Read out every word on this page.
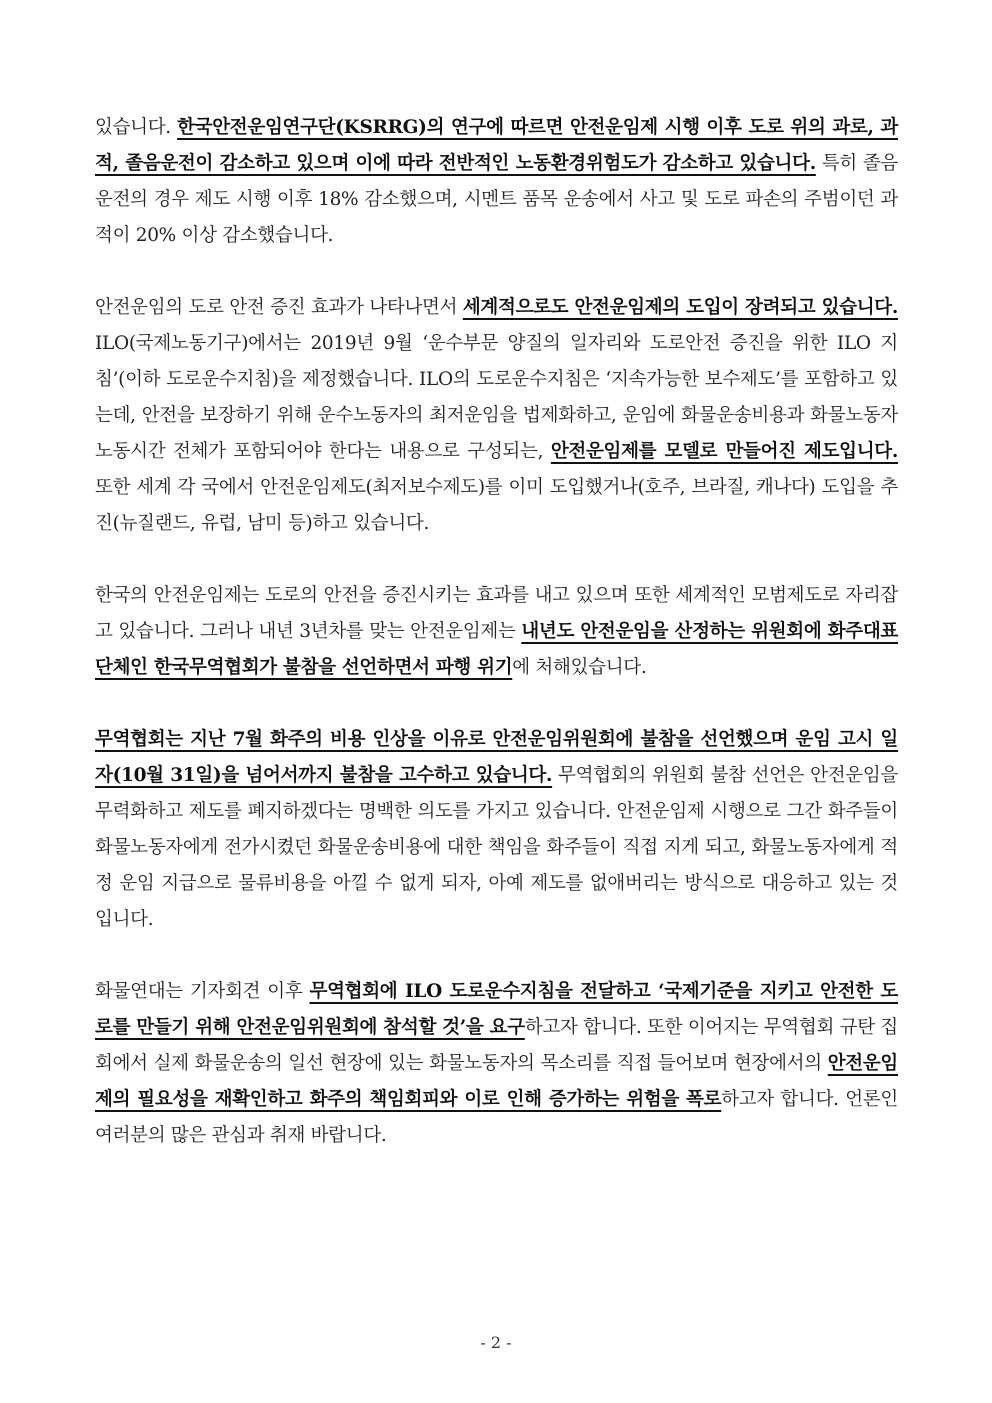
있습니다. 한국안전운임연구단(KSRRG)의 연구에 따르면 안전운임제 시행 이후 도로 위의 과로, 과적, 졸음운전이 감소하고 있으며 이에 따라 전반적인 노동환경위험도가 감소하고 있습니다. 특히 졸음운전의 경우 제도 시행 이후 18% 감소했으며, 시멘트 품목 운송에서 사고 및 도로 파손의 주범이던 과적이 20% 이상 감소했습니다.

안전운임의 도로 안전 증진 효과가 나타나면서 세계적으로도 안전운임제의 도입이 장려되고 있습니다. ILO(국제노동기구)에서는 2019년 9월 ‘운수부문 양질의 일자리와 도로안전 증진을 위한 ILO 지침’(이하 도로운수지침)을 제정했습니다. ILO의 도로운수지침은 ‘지속가능한 보수제도’를 포함하고 있는데, 안전을 보장하기 위해 운수노동자의 최저운임을 법제화하고, 운임에 화물운송비용과 화물노동자 노동시간 전체가 포함되어야 한다는 내용으로 구성되는, 안전운임제를 모델로 만들어진 제도입니다. 또한 세계 각 국에서 안전운임제도(최저보수제도)를 이미 도입했거나(호주, 브라질, 캐나다) 도입을 추진(뉴질랜드, 유럽, 남미 등)하고 있습니다.

한국의 안전운임제는 도로의 안전을 증진시키는 효과를 내고 있으며 또한 세계적인 모범제도로 자리잡고 있습니다. 그러나 내년 3년차를 맞는 안전운임제는 내년도 안전운임을 산정하는 위원회에 화주대표단체인 한국무역협회가 불참을 선언하면서 파행 위기에 처해있습니다.

무역협회는 지난 7월 화주의 비용 인상을 이유로 안전운임위원회에 불참을 선언했으며 운임 고시 일자(10월 31일)을 넘어서까지 불참을 고수하고 있습니다. 무역협회의 위원회 불참 선언은 안전운임을 무력화하고 제도를 폐지하겠다는 명백한 의도를 가지고 있습니다. 안전운임제 시행으로 그간 화주들이 화물노동자에게 전가시켰던 화물운송비용에 대한 책임을 화주들이 직접 지게 되고, 화물노동자에게 적정 운임 지급으로 물류비용을 아낄 수 없게 되자, 아예 제도를 없애버리는 방식으로 대응하고 있는 것입니다.

화물연대는 기자회견 이후 무역협회에 ILO 도로운수지침을 전달하고 ‘국제기준을 지키고 안전한 도로를 만들기 위해 안전운임위원회에 참석할 것’을 요구하고자 합니다. 또한 이어지는 무역협회 규탄 집회에서 실제 화물운송의 일선 현장에 있는 화물노동자의 목소리를 직접 들어보며 현장에서의 안전운임제의 필요성을 재확인하고 화주의 책임회피와 이로 인해 증가하는 위험을 폭로하고자 합니다. 언론인 여러분의 많은 관심과 취재 바랍니다.

- 2 -
